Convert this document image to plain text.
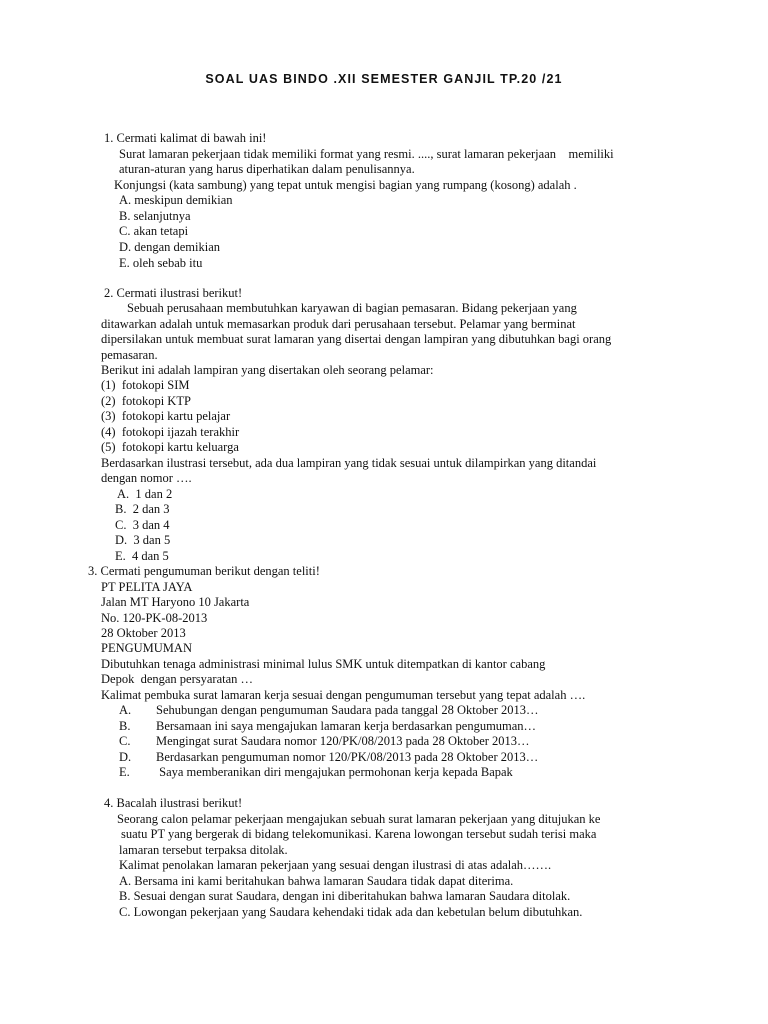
SOAL UAS BINDO .XII SEMESTER GANJIL TP.20 /21
1. Cermati kalimat di bawah ini!
Surat lamaran pekerjaan tidak memiliki format yang resmi. ...., surat lamaran pekerjaan    memiliki
aturan-aturan yang harus diperhatikan dalam penulisannya.
Konjungsi (kata sambung) yang tepat untuk mengisi bagian yang rumpang (kosong) adalah .
A. meskipun demikian
B. selanjutnya
C. akan tetapi
D. dengan demikian
E. oleh sebab itu
2. Cermati ilustrasi berikut!
Sebuah perusahaan membutuhkan karyawan di bagian pemasaran. Bidang pekerjaan yang
ditawarkan adalah untuk memasarkan produk dari perusahaan tersebut. Pelamar yang berminat
dipersilakan untuk membuat surat lamaran yang disertai dengan lampiran yang dibutuhkan bagi orang
pemasaran.
Berikut ini adalah lampiran yang disertakan oleh seorang pelamar:
(1)  fotokopi SIM
(2)  fotokopi KTP
(3)  fotokopi kartu pelajar
(4)  fotokopi ijazah terakhir
(5)  fotokopi kartu keluarga
Berdasarkan ilustrasi tersebut, ada dua lampiran yang tidak sesuai untuk dilampirkan yang ditandai
dengan nomor ….
A.  1 dan 2
B.  2 dan 3
C.  3 dan 4
D.  3 dan 5
E.  4 dan 5
3. Cermati pengumuman berikut dengan teliti!
PT PELITA JAYA
Jalan MT Haryono 10 Jakarta
No. 120-PK-08-2013
28 Oktober 2013
PENGUMUMAN
Dibutuhkan tenaga administrasi minimal lulus SMK untuk ditempatkan di kantor cabang
Depok  dengan persyaratan …
Kalimat pembuka surat lamaran kerja sesuai dengan pengumuman tersebut yang tepat adalah ….
A. Sehubungan dengan pengumuman Saudara pada tanggal 28 Oktober 2013…
B. Bersamaan ini saya mengajukan lamaran kerja berdasarkan pengumuman…
C. Mengingat surat Saudara nomor 120/PK/08/2013 pada 28 Oktober 2013…
D. Berdasarkan pengumuman nomor 120/PK/08/2013 pada 28 Oktober 2013…
E. Saya memberanikan diri mengajukan permohonan kerja kepada Bapak
4. Bacalah ilustrasi berikut!
Seorang calon pelamar pekerjaan mengajukan sebuah surat lamaran pekerjaan yang ditujukan ke
suatu PT yang bergerak di bidang telekomunikasi. Karena lowongan tersebut sudah terisi maka
lamaran tersebut terpaksa ditolak.
Kalimat penolakan lamaran pekerjaan yang sesuai dengan ilustrasi di atas adalah…….
A. Bersama ini kami beritahukan bahwa lamaran Saudara tidak dapat diterima.
B. Sesuai dengan surat Saudara, dengan ini diberitahukan bahwa lamaran Saudara ditolak.
C. Lowongan pekerjaan yang Saudara kehendaki tidak ada dan kebetulan belum dibutuhkan.
